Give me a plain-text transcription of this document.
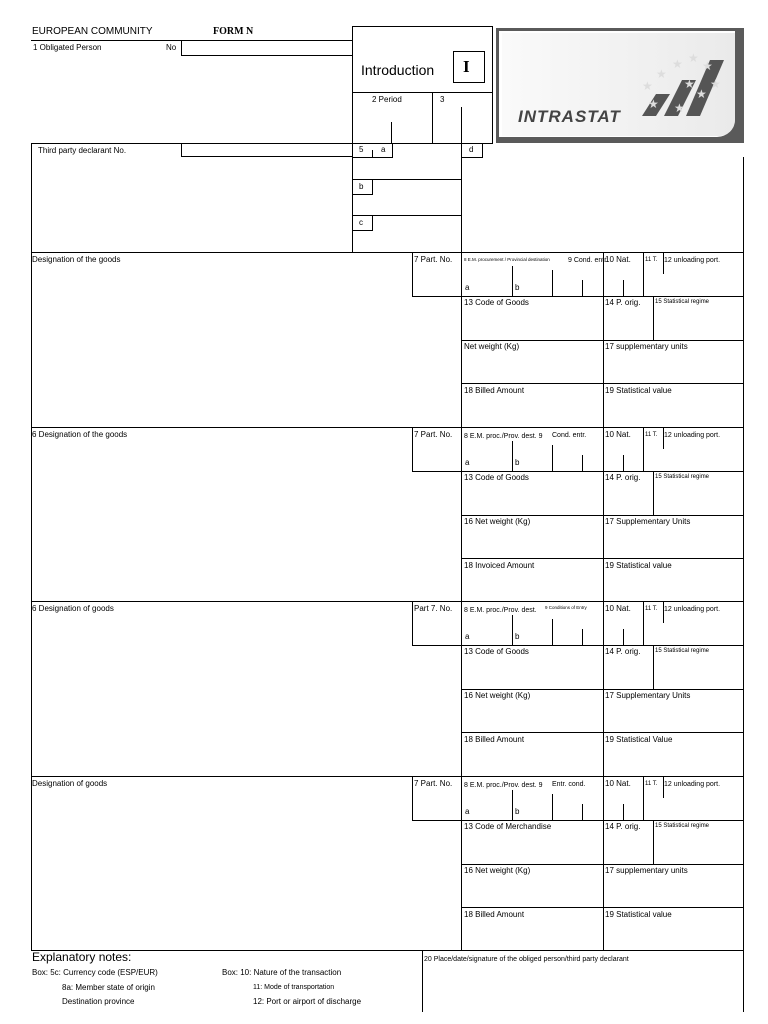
EUROPEAN COMMUNITY	FORM N
1 Obligated Person	No
Introduction I
2 Period	3
★
★
★ ★
★
★ ★
★
★
★
INTRASTAT
Third party declarant No.	5 a	d
b
c
Designation of the goods	7 Part. No.	8 E.M. procurement / Provincial destination	9 Cond. entr.
10 Nat. 11 T. 12 unloading port.
a	b
13 Code of Goods	14 P. orig. 15 Statistical regime
Net weight (Kg)	17 supplementary units
18 Billed Amount	19 Statistical value
6 Designation of the goods	7 Part. No. 8 E.M. proc./Prov. dest. 9 Cond. entr. 10 Nat. 11 T. 12 unloading port.
a	b
13 Code of Goods	14 P. orig. 15 Statistical regime
16 Net weight (Kg)	17 Supplementary Units
18 Invoiced Amount	19 Statistical value
6 Designation of goods	Part 7. No. 8 E.M. proc./Prov. dest. 9 Conditions of Entry 10 Nat. 11 T. 12 unloading port.
a	b
13 Code of Goods	14 P. orig. 15 Statistical regime
16 Net weight (Kg)	17 Supplementary Units
18 Billed Amount	19 Statistical Value
Designation of goods	7 Part. No. 8 E.M. proc./Prov. dest. 9 Entr. cond. 10 Nat. 11 T. 12 unloading port.
a	b
13 Code of Merchandise	14 P. orig. 15 Statistical regime
16 Net weight (Kg)	17 supplementary units
18 Billed Amount	19 Statistical value
Explanatory notes:
Box: 5c: Currency code (ESP/EUR)
8a: Member state of origin
Destination province
Box: 10: Nature of the transaction
11: Mode of transportation
12: Port or airport of discharge
20 Place/date/signature of the obliged person/third party declarant
